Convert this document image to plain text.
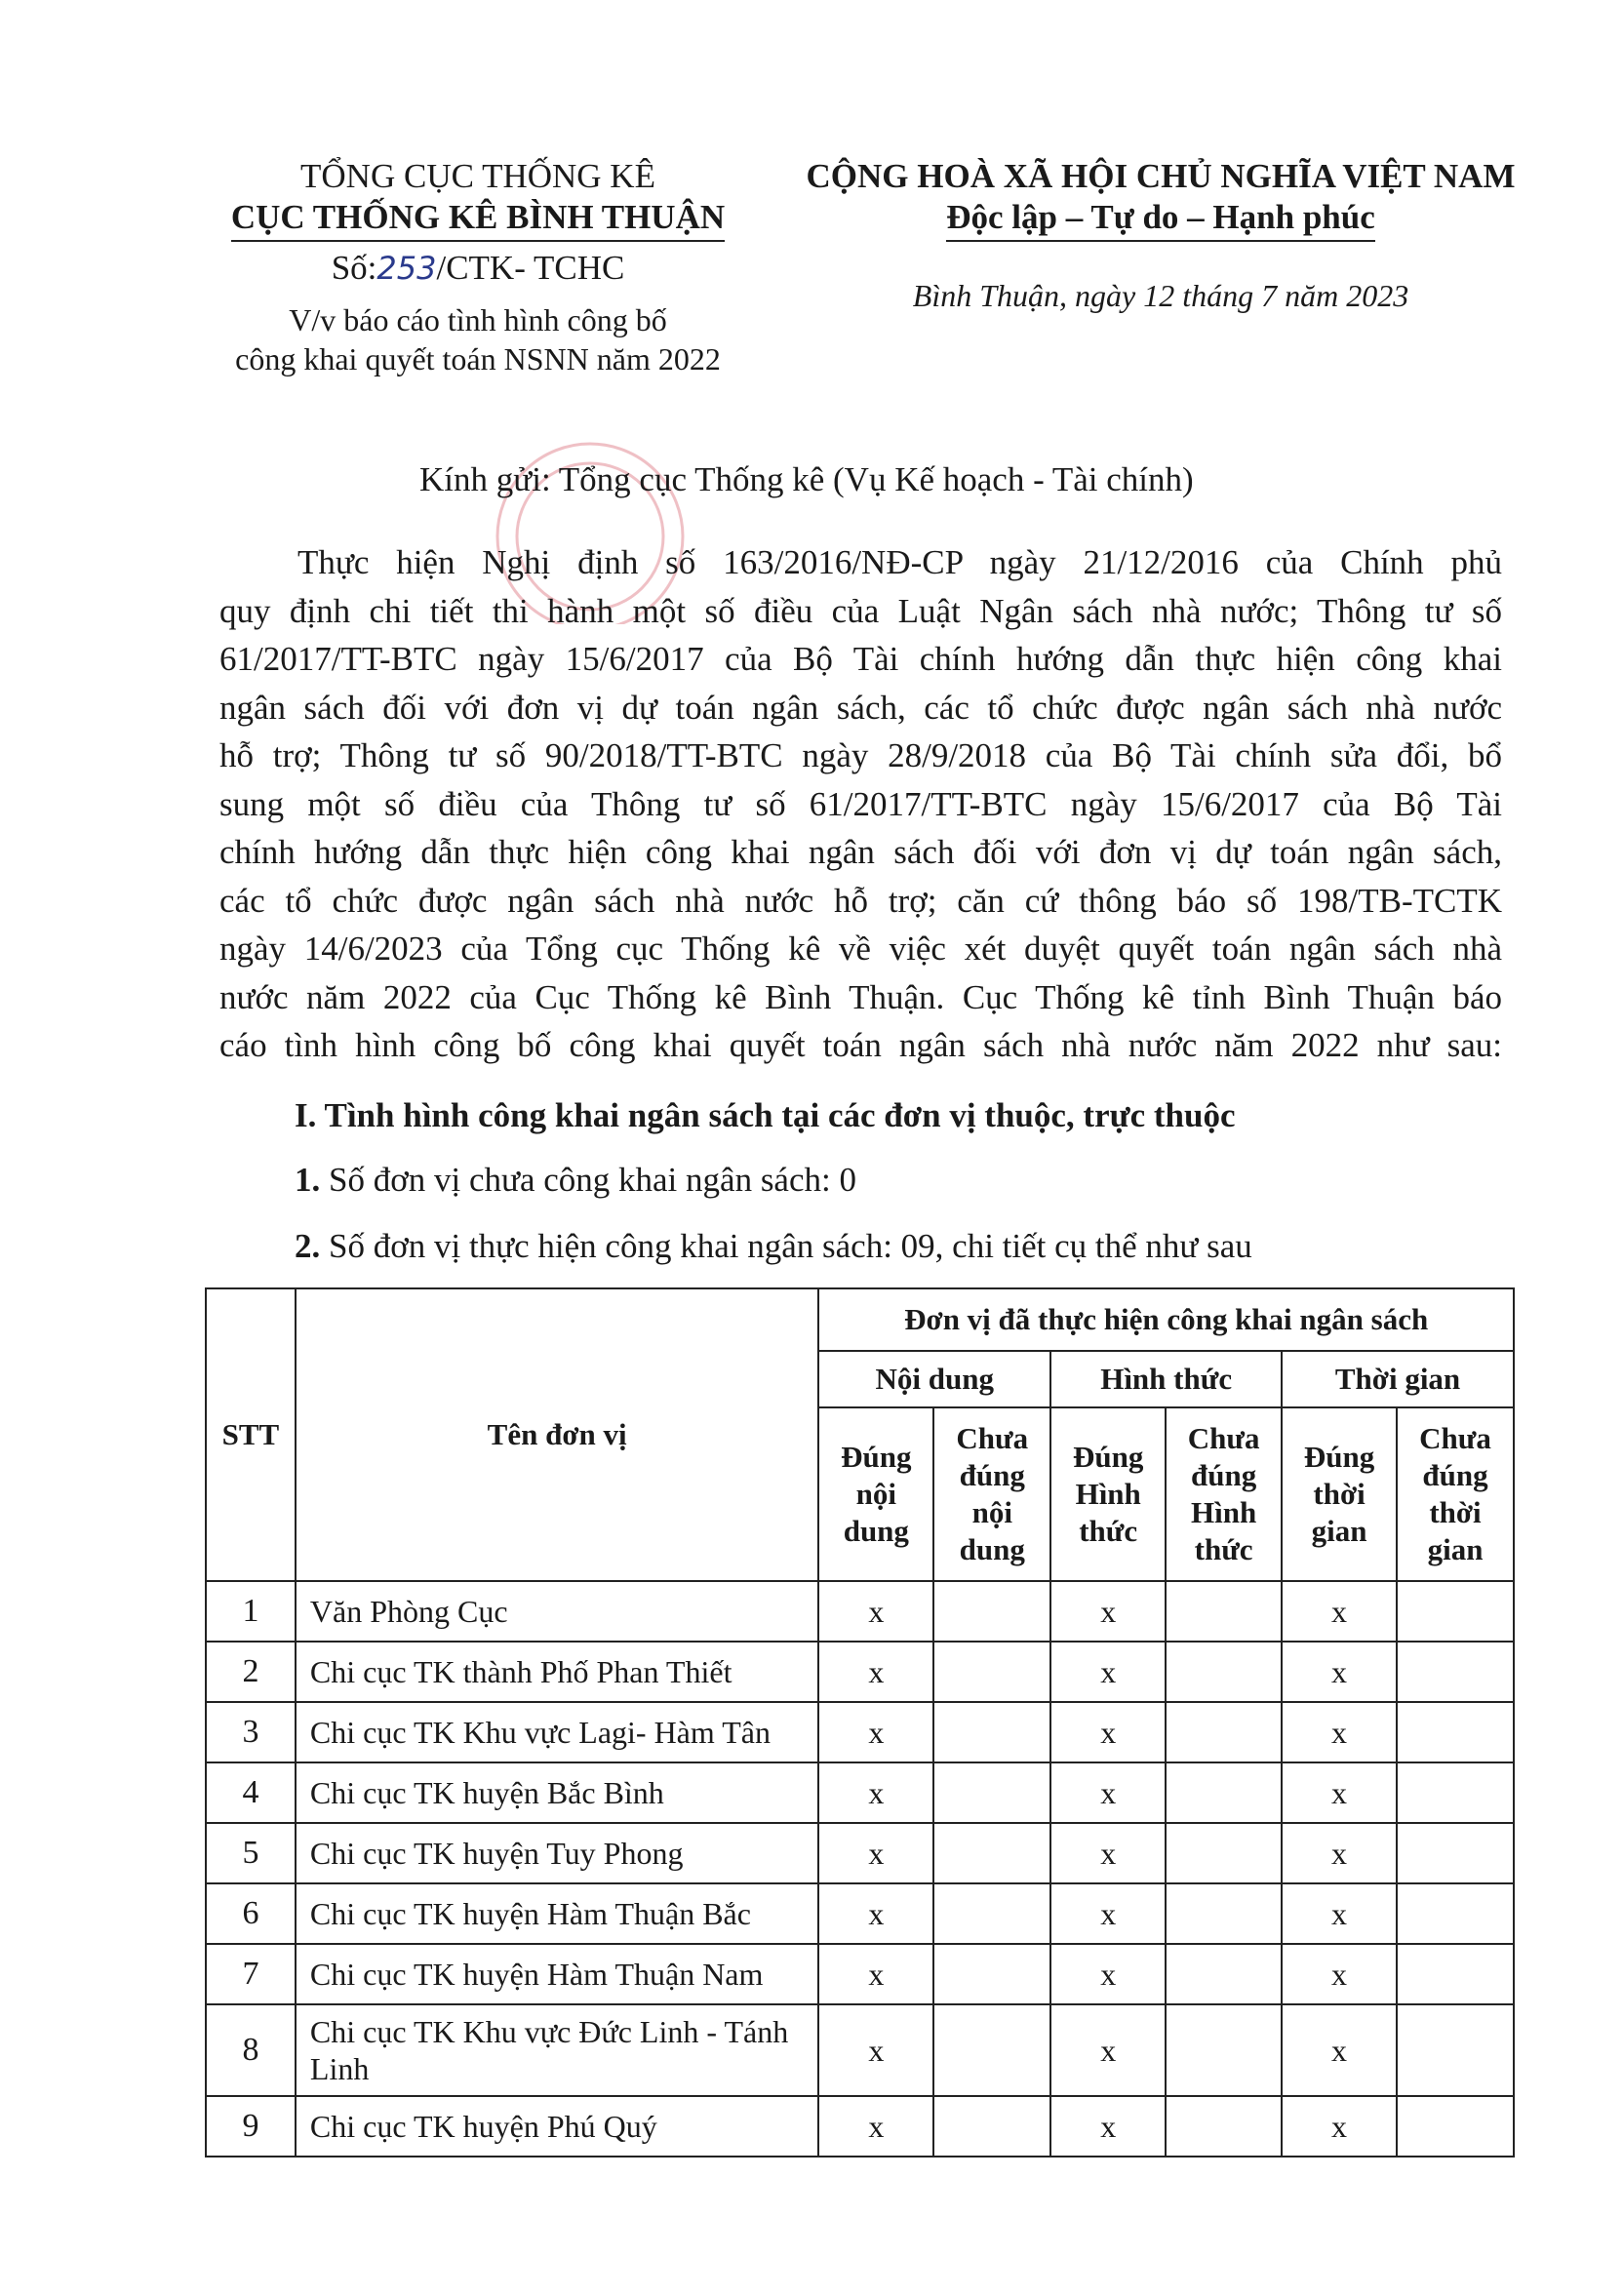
TỔNG CỤC THỐNG KÊ
CỤC THỐNG KÊ BÌNH THUẬN
Số:253/CTK- TCHC
V/v báo cáo tình hình công bố
công khai quyết toán NSNN năm 2022
CỘNG HOÀ XÃ HỘI CHỦ NGHĨA VIỆT NAM
Độc lập – Tự do – Hạnh phúc
Bình Thuận, ngày 12 tháng 7 năm 2023
Kính gửi: Tổng cục Thống kê (Vụ Kế hoạch - Tài chính)
Thực hiện Nghị định số 163/2016/NĐ-CP ngày 21/12/2016 của Chính phủ
quy định chi tiết thi hành một số điều của Luật Ngân sách nhà nước; Thông tư số
61/2017/TT-BTC ngày 15/6/2017 của Bộ Tài chính hướng dẫn thực hiện công khai
ngân sách đối với đơn vị dự toán ngân sách, các tổ chức được ngân sách nhà nước
hỗ trợ; Thông tư số 90/2018/TT-BTC ngày 28/9/2018 của Bộ Tài chính sửa đổi, bổ
sung một số điều của Thông tư số 61/2017/TT-BTC ngày 15/6/2017 của Bộ Tài
chính hướng dẫn thực hiện công khai ngân sách đối với đơn vị dự toán ngân sách,
các tổ chức được ngân sách nhà nước hỗ trợ; căn cứ thông báo số 198/TB-TCTK
ngày 14/6/2023 của Tổng cục Thống kê về việc xét duyệt quyết toán ngân sách nhà
nước năm 2022 của Cục Thống kê Bình Thuận. Cục Thống kê tỉnh Bình Thuận báo
cáo tình hình công bố công khai quyết toán ngân sách nhà nước năm 2022 như sau:
I. Tình hình công khai ngân sách tại các đơn vị thuộc, trực thuộc
1. Số đơn vị chưa công khai ngân sách: 0
2. Số đơn vị thực hiện công khai ngân sách: 09, chi tiết cụ thể như sau
STT	Tên đơn vị	Đơn vị đã thực hiện công khai ngân sách					
		Nội dung		Hình thức		Thời gian	
		Đúng nội dung	Chưa đúng nội dung	Đúng Hình thức	Chưa đúng Hình thức	Đúng thời gian	Chưa đúng thời gian
1	Văn Phòng Cục	x		x		x	
2	Chi cục TK thành Phố Phan Thiết	x		x		x	
3	Chi cục TK Khu vực Lagi- Hàm Tân	x		x		x	
4	Chi cục TK huyện Bắc Bình	x		x		x	
5	Chi cục TK huyện Tuy Phong	x		x		x	
6	Chi cục TK huyện Hàm Thuận Bắc	x		x		x	
7	Chi cục TK huyện Hàm Thuận Nam	x		x		x	
8	Chi cục TK Khu vực Đức Linh - Tánh Linh	x		x		x	
9	Chi cục TK huyện Phú Quý	x		x		x	
